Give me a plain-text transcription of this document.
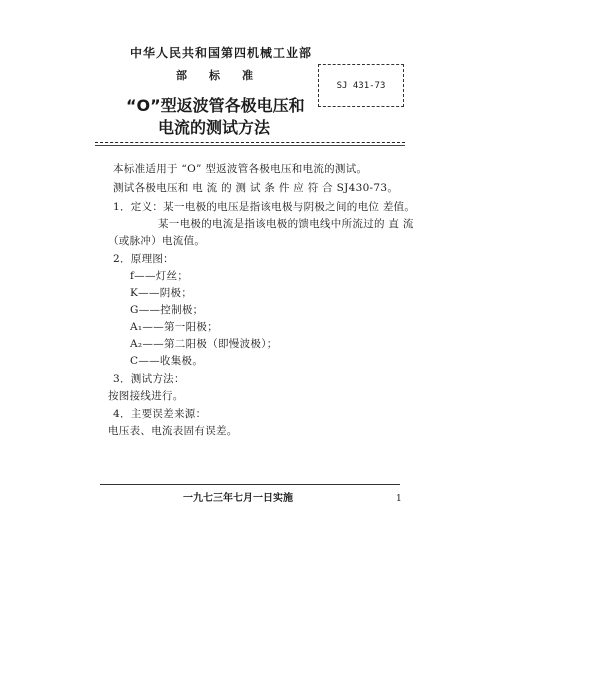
中华人民共和国第四机械工业部
部 标 准
SJ 431-73
“O”型返波管各极电压和
电流的测试方法
本标准适用于 “O” 型返波管各极电压和电流的测试。
测试各极电压和 电 流 的 测 试 条 件 应 符 合 SJ430-73。
1．定义：某一电极的电压是指该电极与阴极之间的电位 差值。
某一电极的电流是指该电极的馈电线中所流过的 直 流
（或脉冲）电流值。
2．原理图：
f——灯丝；
K——阴极；
G——控制极；
A₁——第一阳极；
A₂——第二阳极（即慢波极）；
C——收集极。
3．测试方法：
按图接线进行。
4．主要误差来源：
电压表、电流表固有误差。
一九七三年七月一日实施	1
